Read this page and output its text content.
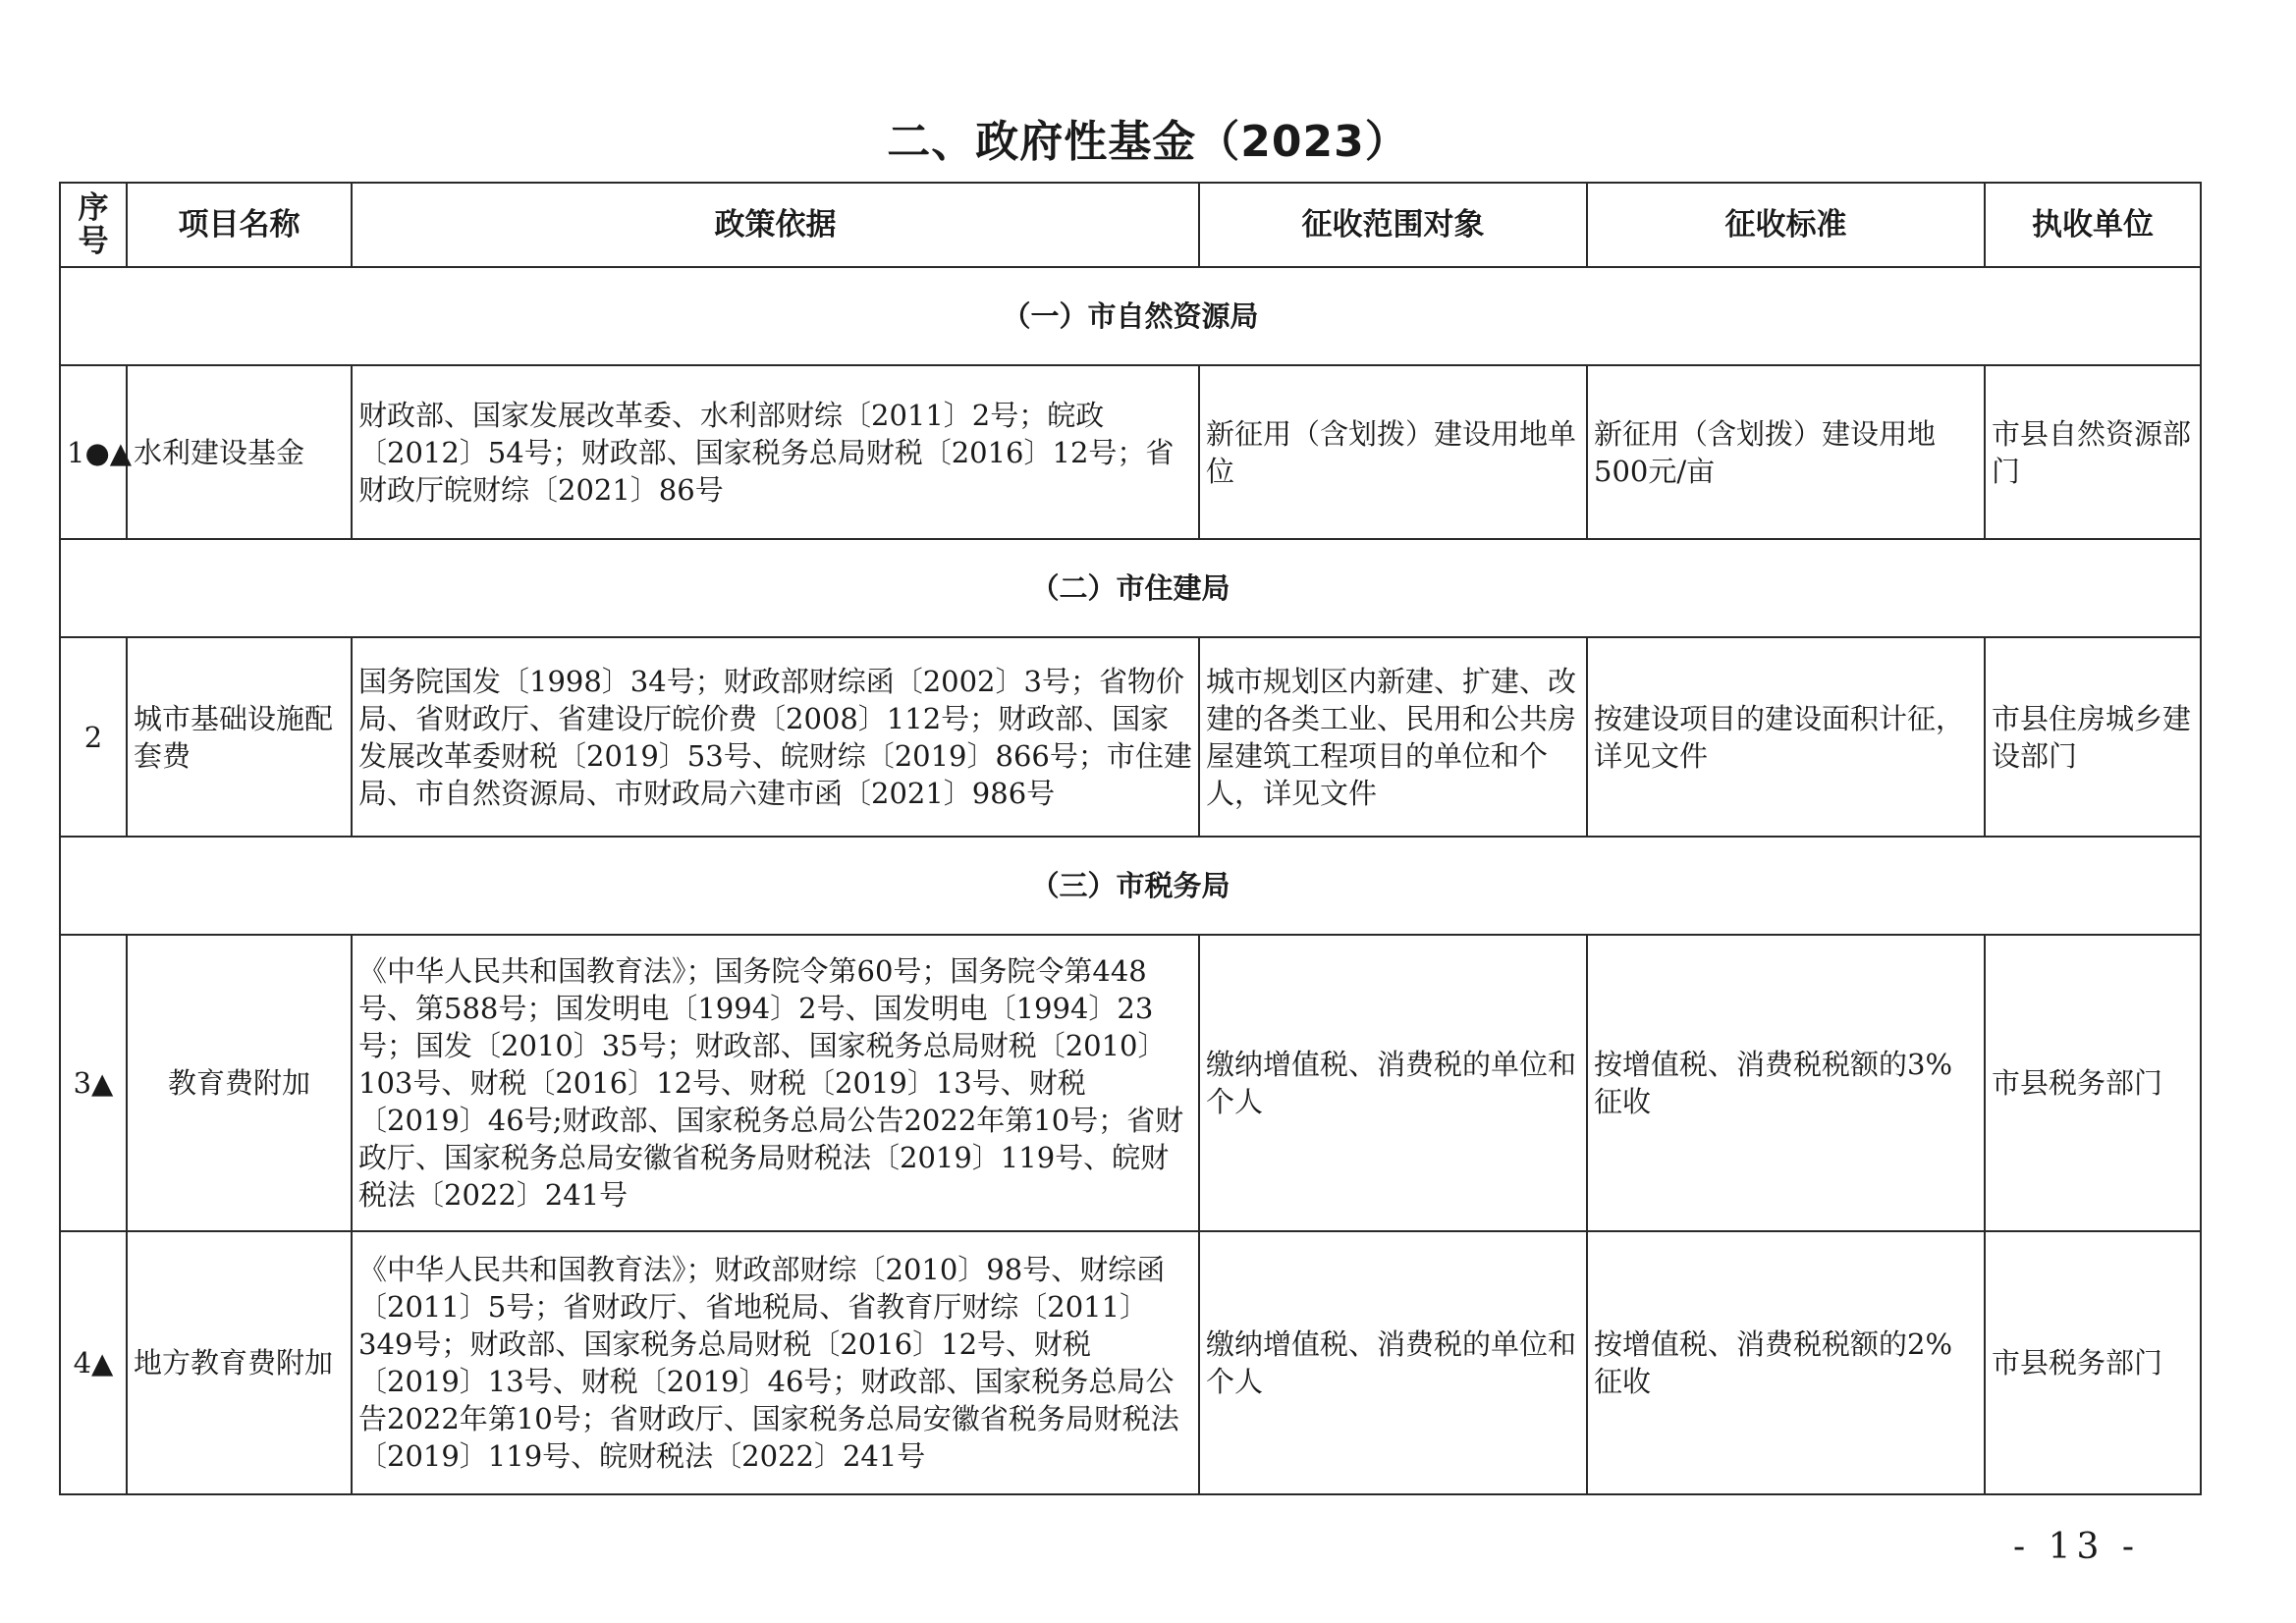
二、政府性基金（2023）
序号	项目名称	政策依据	征收范围对象	征收标准	执收单位
（一）市自然资源局					
1●▲	水利建设基金	财政部、国家发展改革委、水利部财综〔2011〕2号；皖政〔2012〕54号；财政部、国家税务总局财税〔2016〕12号；省财政厅皖财综〔2021〕86号	新征用（含划拨）建设用地单位	新征用（含划拨）建设用地500元/亩	市县自然资源部门
（二）市住建局					
2	城市基础设施配套费	国务院国发〔1998〕34号；财政部财综函〔2002〕3号；省物价局、省财政厅、省建设厅皖价费〔2008〕112号；财政部、国家发展改革委财税〔2019〕53号、皖财综〔2019〕866号；市住建局、市自然资源局、市财政局六建市函〔2021〕986号	城市规划区内新建、扩建、改建的各类工业、民用和公共房屋建筑工程项目的单位和个人，详见文件	按建设项目的建设面积计征，详见文件	市县住房城乡建设部门
（三）市税务局					
3▲	教育费附加	《中华人民共和国教育法》；国务院令第60号；国务院令第448号、第588号；国发明电〔1994〕2号、国发明电〔1994〕23号；国发〔2010〕35号；财政部、国家税务总局财税〔2010〕103号、财税〔2016〕12号、财税〔2019〕13号、财税〔2019〕46号;财政部、国家税务总局公告2022年第10号；省财政厅、国家税务总局安徽省税务局财税法〔2019〕119号、皖财税法〔2022〕241号	缴纳增值税、消费税的单位和个人	按增值税、消费税税额的3%征收	市县税务部门
4▲	地方教育费附加	《中华人民共和国教育法》；财政部财综〔2010〕98号、财综函〔2011〕5号；省财政厅、省地税局、省教育厅财综〔2011〕349号；财政部、国家税务总局财税〔2016〕12号、财税〔2019〕13号、财税〔2019〕46号；财政部、国家税务总局公告2022年第10号；省财政厅、国家税务总局安徽省税务局财税法〔2019〕119号、皖财税法〔2022〕241号	缴纳增值税、消费税的单位和个人	按增值税、消费税税额的2%征收	市县税务部门
- 13 -
